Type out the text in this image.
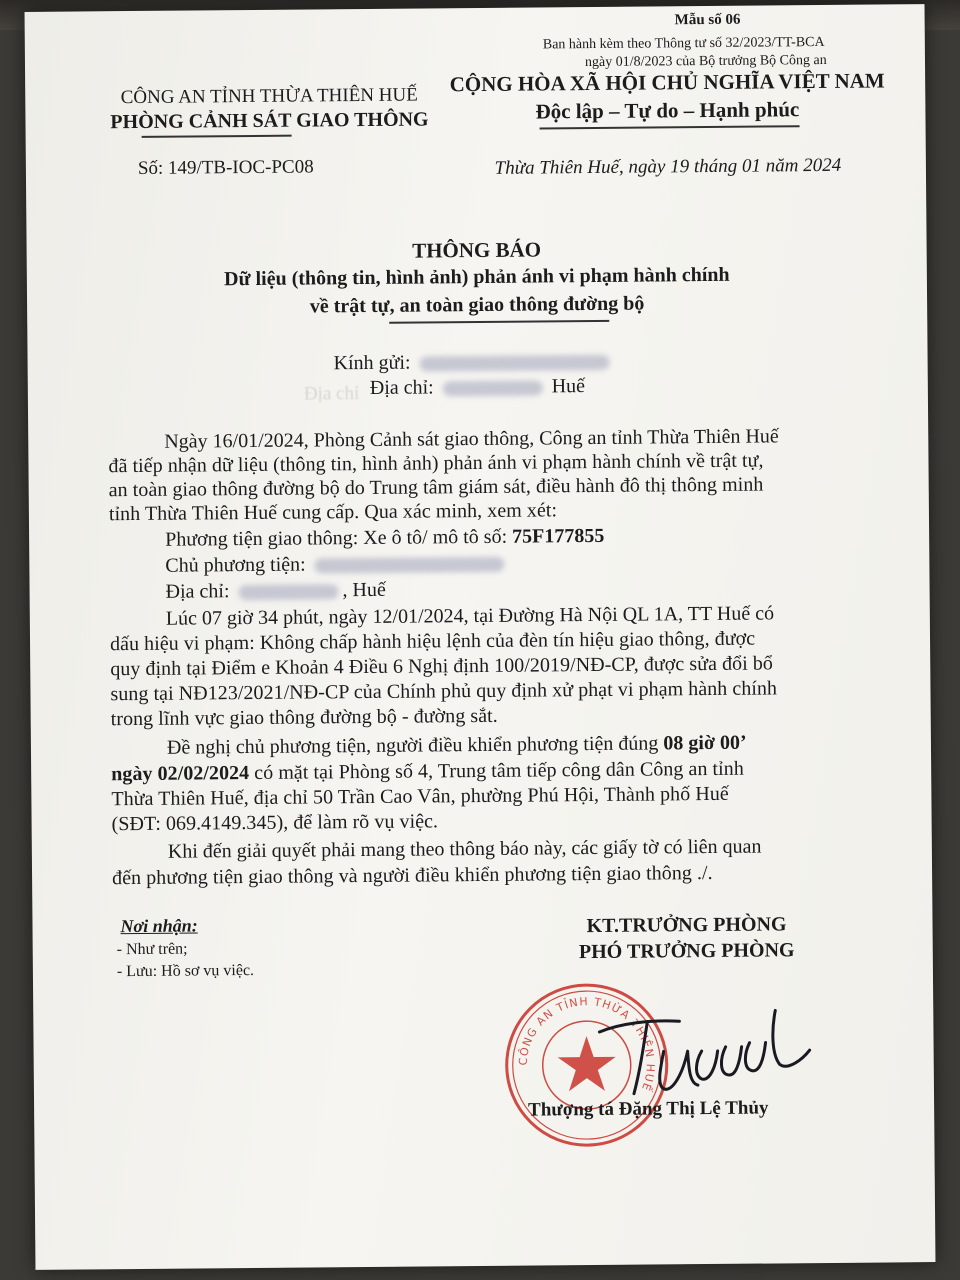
Mẫu số 06
Ban hành kèm theo Thông tư số 32/2023/TT-BCA
ngày 01/8/2023 của Bộ trưởng Bộ Công an
CÔNG AN TỈNH THỪA THIÊN HUẾ
PHÒNG CẢNH SÁT GIAO THÔNG
Số: 149/TB-IOC-PC08
CỘNG HÒA XÃ HỘI CHỦ NGHĨA VIỆT NAM
Độc lập – Tự do – Hạnh phúc
Thừa Thiên Huế, ngày 19 tháng 01 năm 2024
THÔNG BÁO
Dữ liệu (thông tin, hình ảnh) phản ánh vi phạm hành chính
về trật tự, an toàn giao thông đường bộ
Kính gửi:
Địa chỉ:	Huế
Địa chỉ
Ngày 16/01/2024, Phòng Cảnh sát giao thông, Công an tỉnh Thừa Thiên Huế
đã tiếp nhận dữ liệu (thông tin, hình ảnh) phản ánh vi phạm hành chính về trật tự,
an toàn giao thông đường bộ do Trung tâm giám sát, điều hành đô thị thông minh
tỉnh Thừa Thiên Huế cung cấp. Qua xác minh, xem xét:
Phương tiện giao thông: Xe ô tô/ mô tô số: 75F177855
Chủ phương tiện:
Địa chỉ:	, Huế
Lúc 07 giờ 34 phút, ngày 12/01/2024, tại Đường Hà Nội QL 1A, TT Huế có
dấu hiệu vi phạm: Không chấp hành hiệu lệnh của đèn tín hiệu giao thông, được
quy định tại Điểm e Khoản 4 Điều 6 Nghị định 100/2019/NĐ-CP, được sửa đổi bổ
sung tại NĐ123/2021/NĐ-CP của Chính phủ quy định xử phạt vi phạm hành chính
trong lĩnh vực giao thông đường bộ - đường sắt.
Đề nghị chủ phương tiện, người điều khiển phương tiện đúng 08 giờ 00’
ngày 02/02/2024 có mặt tại Phòng số 4, Trung tâm tiếp công dân Công an tỉnh
Thừa Thiên Huế, địa chỉ 50 Trần Cao Vân, phường Phú Hội, Thành phố Huế
(SĐT: 069.4149.345), để làm rõ vụ việc.
Khi đến giải quyết phải mang theo thông báo này, các giấy tờ có liên quan
đến phương tiện giao thông và người điều khiển phương tiện giao thông ./.
Nơi nhận:
- Như trên;
- Lưu: Hồ sơ vụ việc.
KT.TRƯỞNG PHÒNG
PHÓ TRƯỞNG PHÒNG
CÔNG AN TỈNH THỪA THIÊN HUẾ
Thượng tá Đặng Thị Lệ Thủy
